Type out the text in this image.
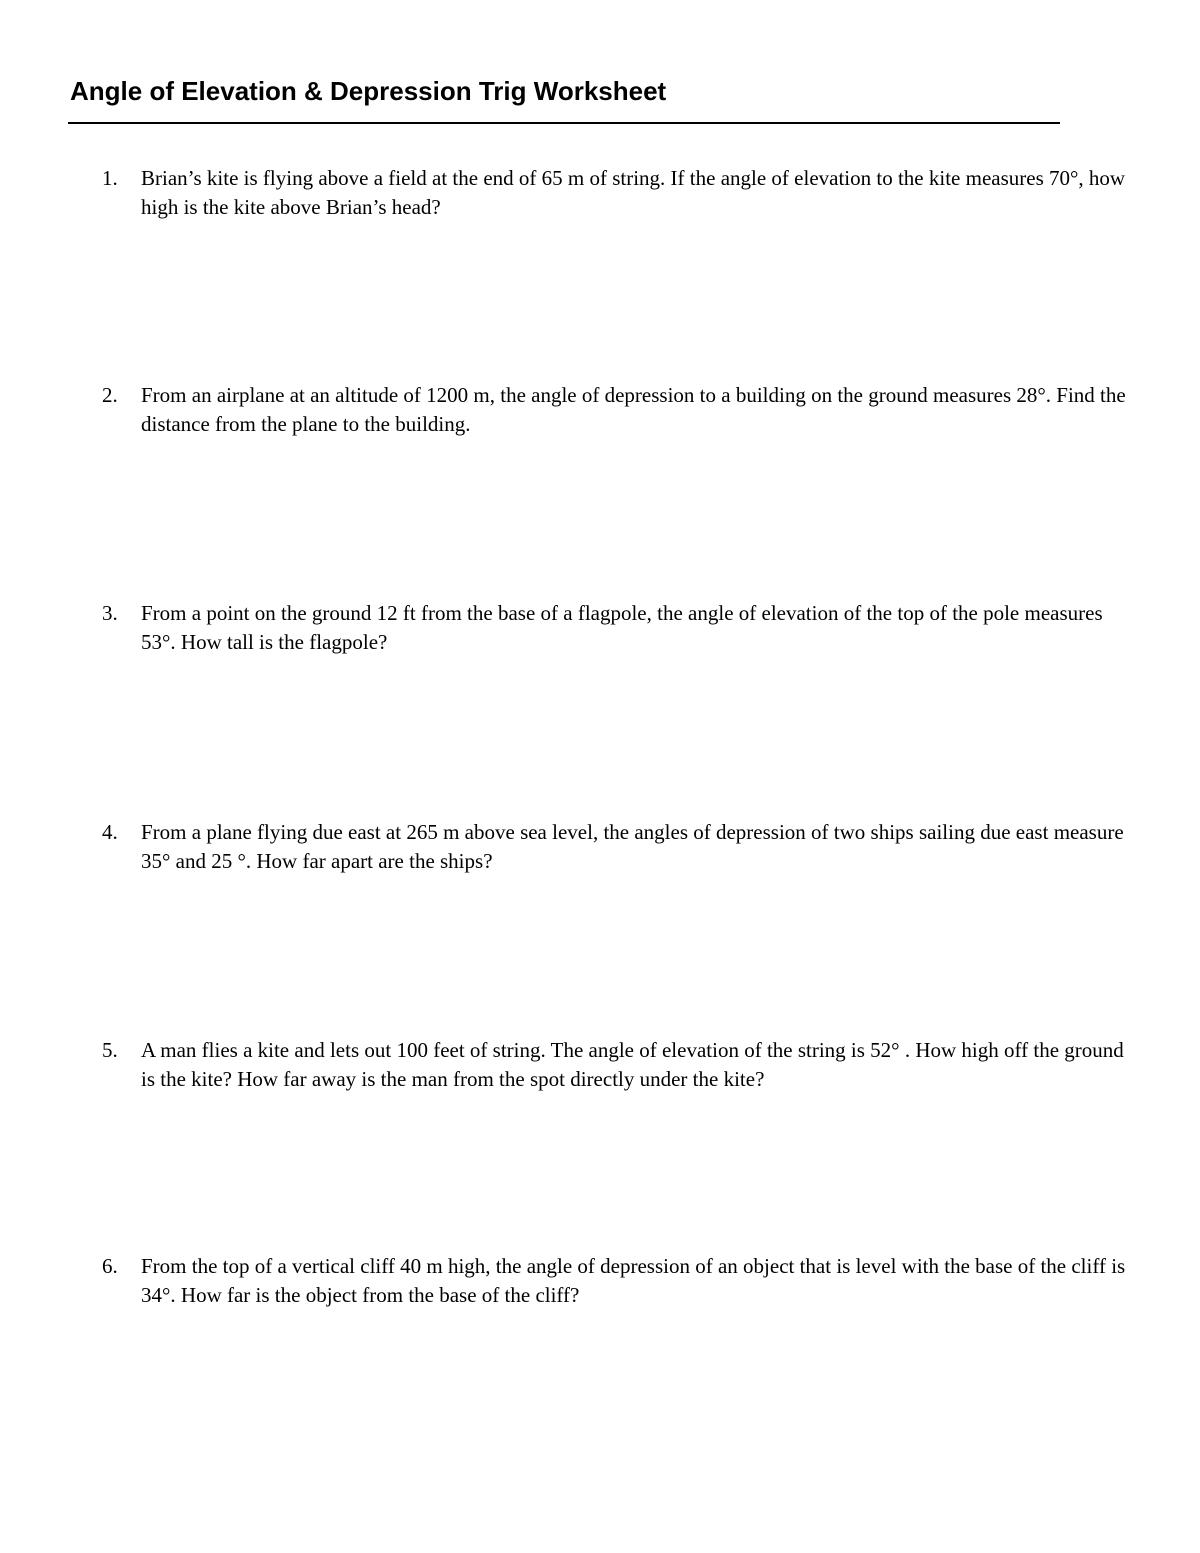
Angle of Elevation & Depression Trig Worksheet
1.	Brian’s kite is flying above a field at the end of 65 m of string. If the angle of elevation to the kite measures 70°, how high is the kite above Brian’s head?
2.	From an airplane at an altitude of 1200 m, the angle of depression to a building on the ground measures 28°. Find the distance from the plane to the building.
3.	From a point on the ground 12 ft from the base of a flagpole, the angle of elevation of the top of the pole measures 53°. How tall is the flagpole?
4.	From a plane flying due east at 265 m above sea level, the angles of depression of two ships sailing due east measure 35° and 25 °. How far apart are the ships?
5.	A man flies a kite and lets out 100 feet of string. The angle of elevation of the string is 52° . How high off the ground is the kite? How far away is the man from the spot directly under the kite?
6.	From the top of a vertical cliff 40 m high, the angle of depression of an object that is level with the base of the cliff is 34°. How far is the object from the base of the cliff?
